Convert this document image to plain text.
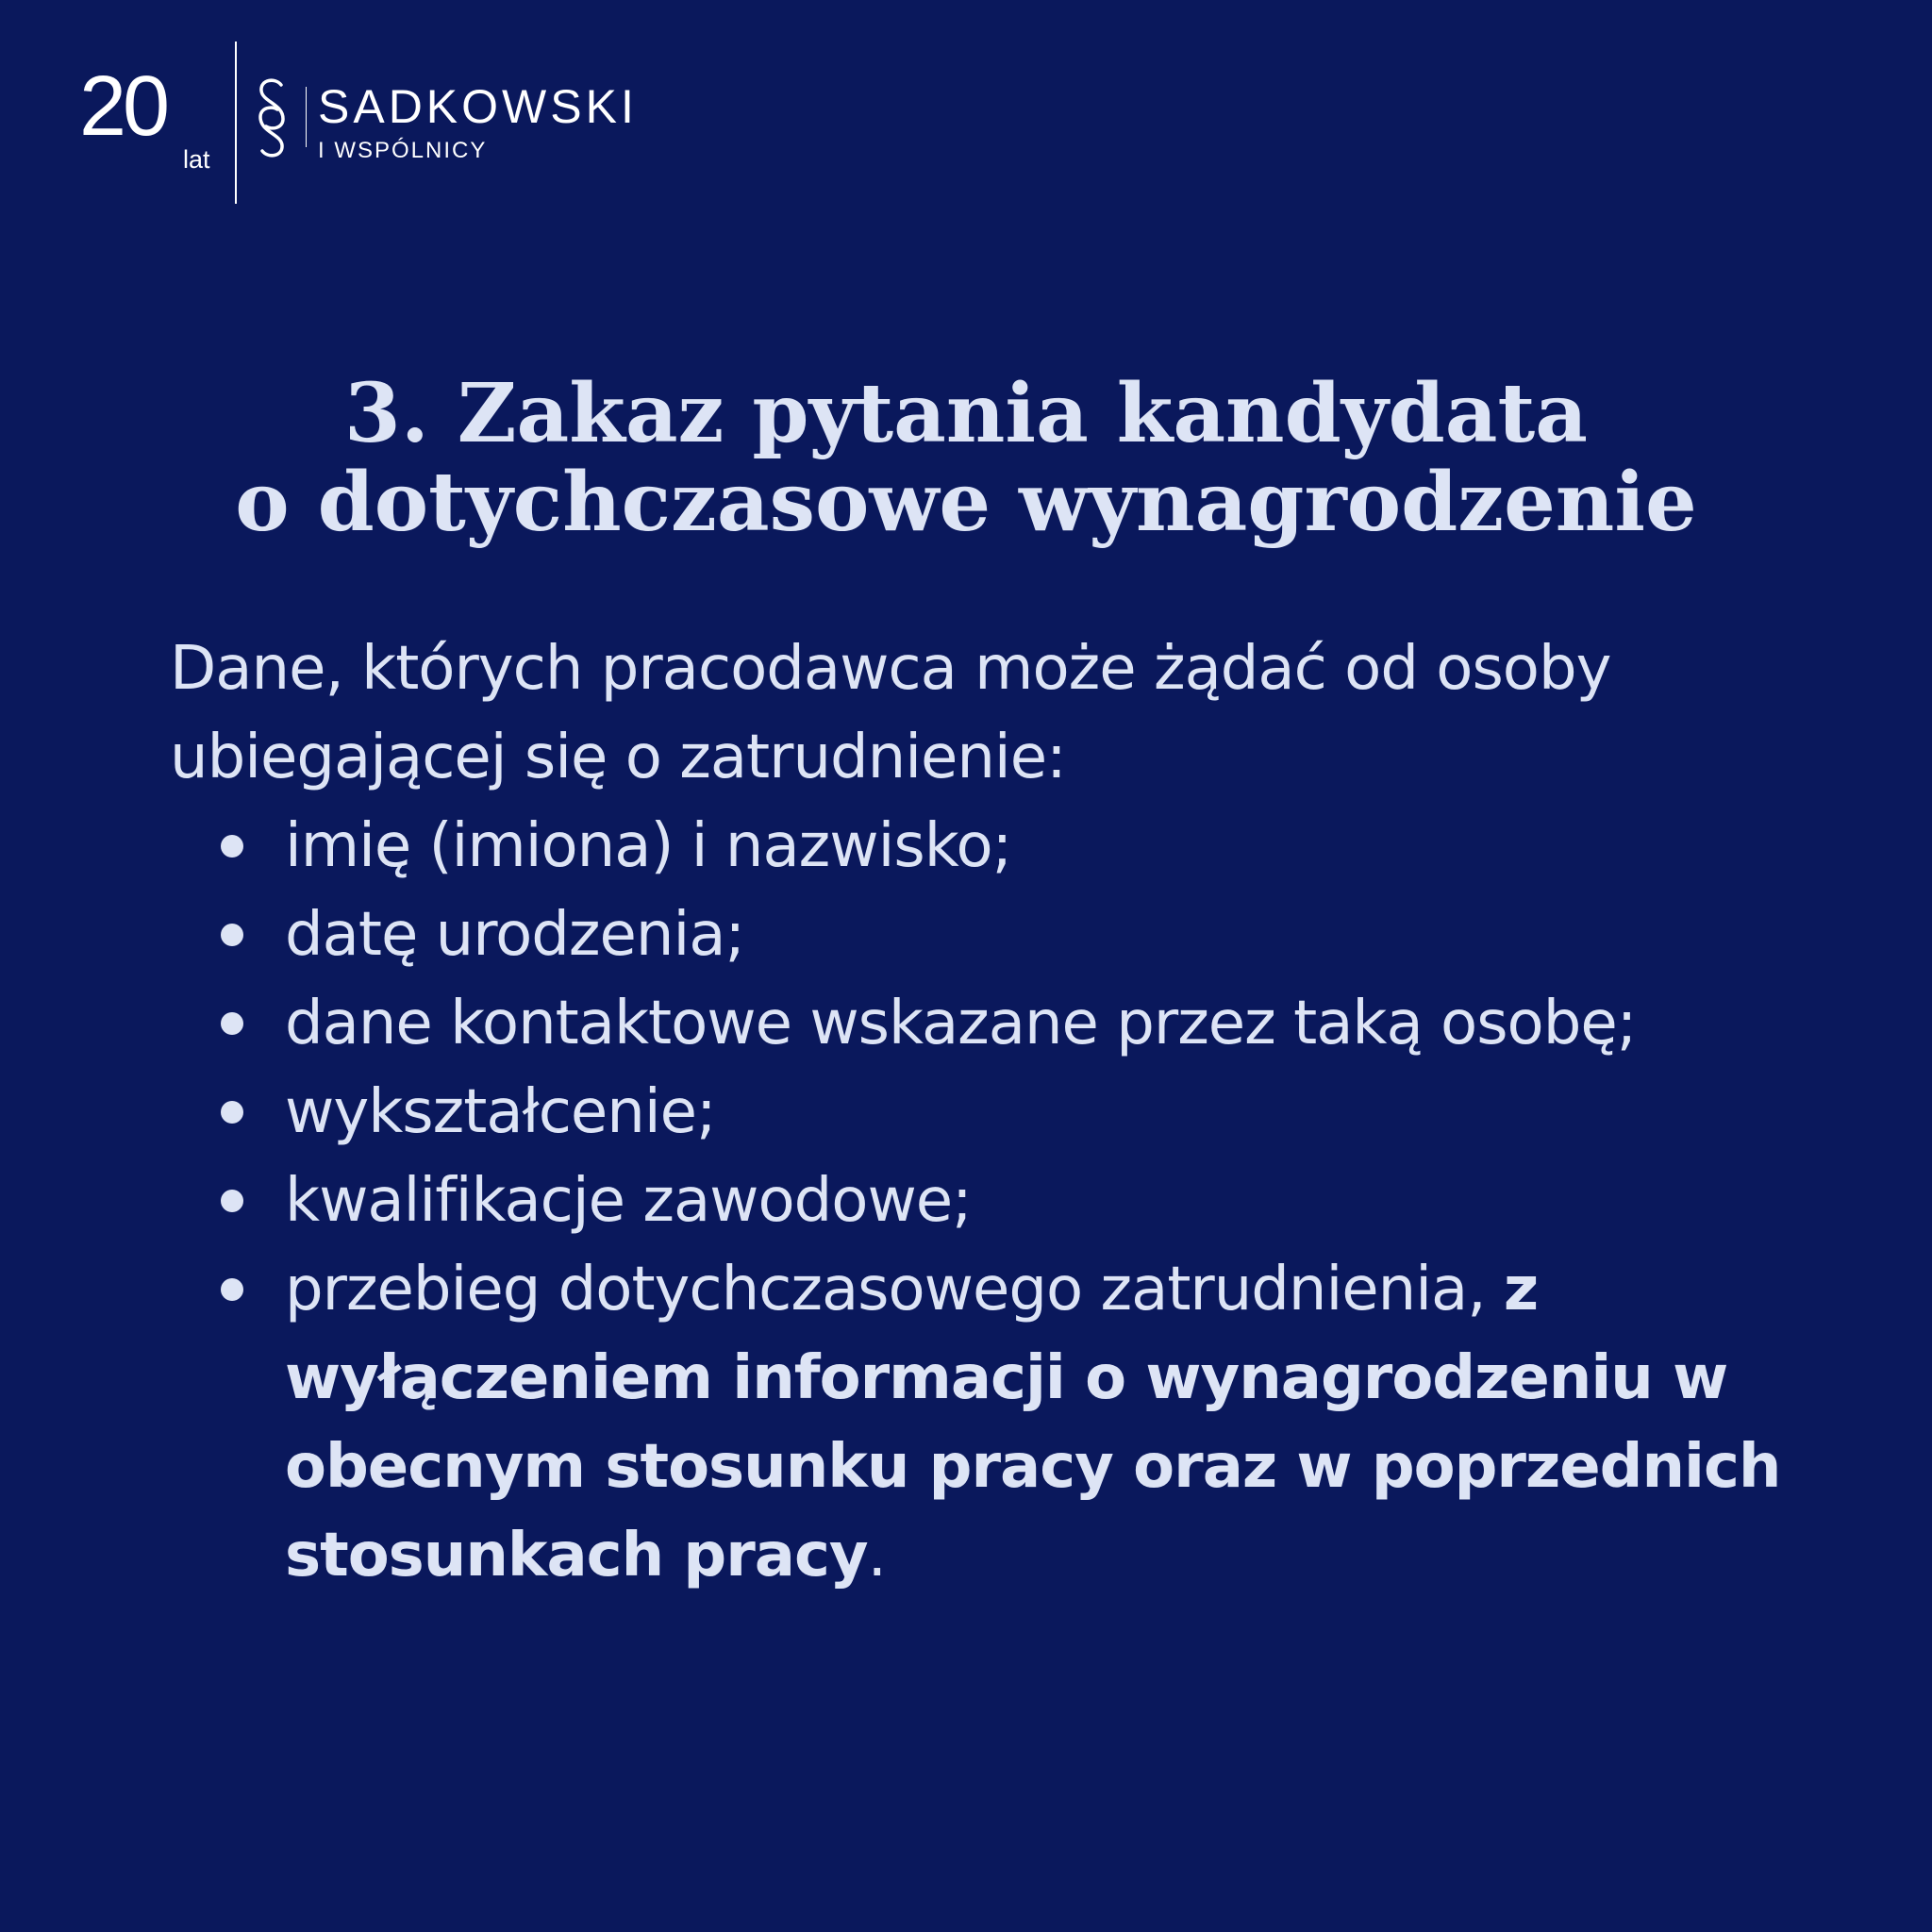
20
lat
SADKOWSKI
I WSPÓLNICY
3. Zakaz pytania kandydata
o dotychczasowe wynagrodzenie

Dane, których pracodawca może żądać od osoby ubiegającej się o zatrudnienie:

imię (imiona) i nazwisko;
datę urodzenia;
dane kontaktowe wskazane przez taką osobę;
wykształcenie;
kwalifikacje zawodowe;
przebieg dotychczasowego zatrudnienia, z wyłączeniem informacji o wynagrodzeniu w obecnym stosunku pracy oraz w poprzednich stosunkach pracy.
